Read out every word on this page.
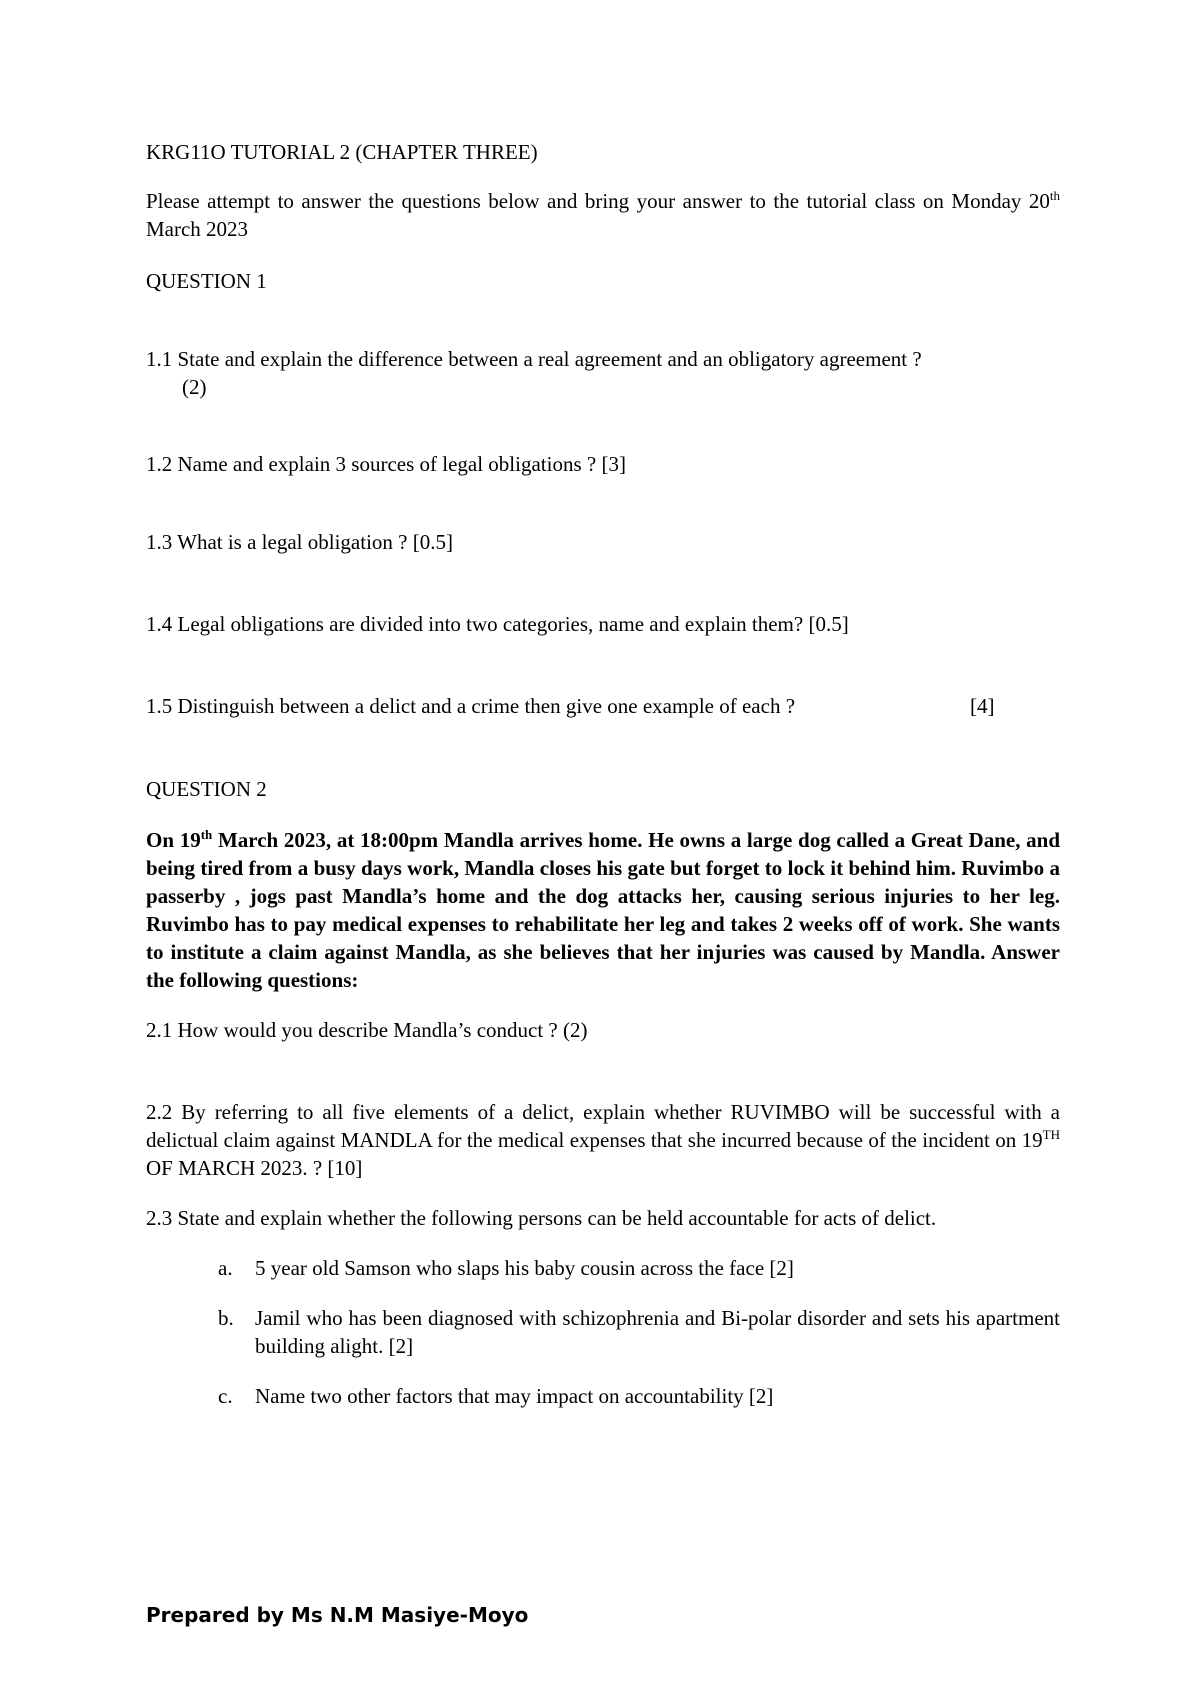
KRG11O TUTORIAL 2 (CHAPTER THREE)

Please attempt to answer the questions below and bring your answer to the tutorial class on Monday 20th March 2023

QUESTION 1

1.1 State and explain the difference between a real agreement and an obligatory agreement ?
(2)

1.2 Name and explain 3 sources of legal obligations ? [3]

1.3 What is a legal obligation ? [0.5]

1.4 Legal obligations are divided into two categories, name and explain them? [0.5]

1.5 Distinguish between a delict and a crime then give one example of each ?	[4]

QUESTION 2

On 19th March 2023, at 18:00pm Mandla arrives home. He owns a large dog called a Great Dane, and being tired from a busy days work, Mandla closes his gate but forget to lock it behind him. Ruvimbo a passerby , jogs past Mandla’s home and the dog attacks her, causing serious injuries to her leg. Ruvimbo has to pay medical expenses to rehabilitate her leg and takes 2 weeks off of work. She wants to institute a claim against Mandla, as she believes that her injuries was caused by Mandla. Answer the following questions:

2.1 How would you describe Mandla’s conduct ? (2)

2.2 By referring to all five elements of a delict, explain whether RUVIMBO will be successful with a delictual claim against MANDLA for the medical expenses that she incurred because of the incident on 19TH OF MARCH 2023. ? [10]

2.3 State and explain whether the following persons can be held accountable for acts of delict.

a. 5 year old Samson who slaps his baby cousin across the face [2]

b. Jamil who has been diagnosed with schizophrenia and Bi-polar disorder and sets his apartment building alight. [2]

c. Name two other factors that may impact on accountability [2]

Prepared by Ms N.M Masiye-Moyo
